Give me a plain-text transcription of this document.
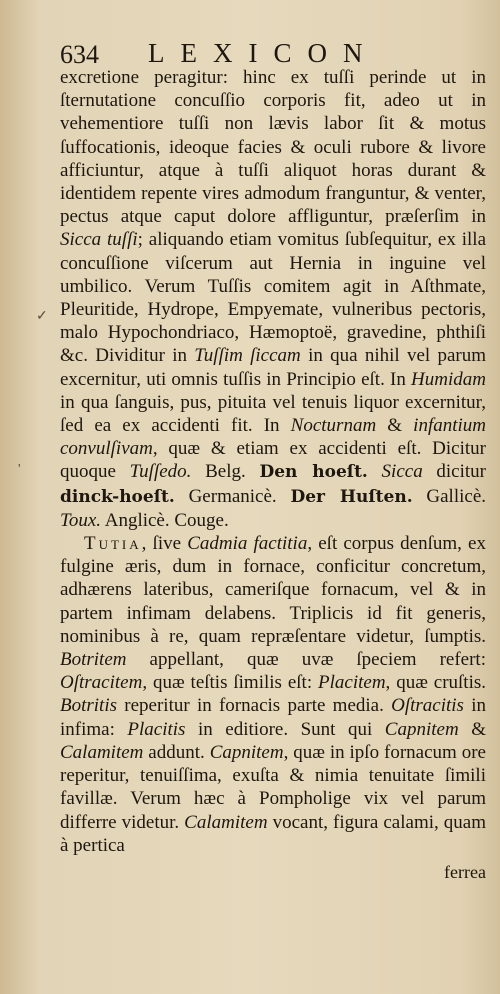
634 LEXICON

excretione peragitur: hinc ex tuſſi perinde ut in ſternutatione concuſſio corporis fit, adeo ut in vehementiore tuſſi non lævis labor ſit & motus ſuffocationis, ideoque facies & oculi rubore & livore afficiuntur, atque à tuſſi aliquot horas durant & identidem repente vires admodum franguntur, & venter, pectus atque caput dolore affliguntur, præſerſim in Sicca tuſſi; aliquando etiam vomitus ſubſequitur, ex illa concuſſione viſcerum aut Hernia in inguine vel umbilico. Verum Tuſſis comitem agit in Aſthmate, Pleuritide, Hydrope, Empyemate, vulneribus pectoris, malo Hypochondriaco, Hæmoptoë, gravedine, phthiſi &c. Dividitur in Tuſſim ſiccam in qua nihil vel parum excernitur, uti omnis tuſſis in Principio eſt. In Humidam in qua ſanguis, pus, pituita vel tenuis liquor excernitur, ſed ea ex accidenti fit. In Nocturnam & infantium convulſivam, quæ & etiam ex accidenti eſt. Dicitur quoque Tuſſedo. Belg. Den hoeſt. Sicca dicitur dinck-hoeſt. Germanicè. Der Huſten. Gallicè. Toux. Anglicè. Couge.

Tutia, ſive Cadmia factitia, eſt corpus denſum, ex fulgine æris, dum in fornace, conficitur concretum, adhærens lateribus, cameriſque fornacum, vel & in partem infimam delabens. Triplicis id fit generis, nominibus à re, quam repræſentare videtur, ſumptis. Botritem appellant, quæ uvæ ſpeciem refert: Oſtracitem, quæ teſtis ſimilis eſt: Placitem, quæ cruſtis. Botritis reperitur in fornacis parte media. Oſtracitis in infima: Placitis in editiore. Sunt qui Capnitem & Calamitem addunt. Capnitem, quæ in ipſo fornacum ore reperitur, tenuiſſima, exuſta & nimia tenuitate ſimili favillæ. Verum hæc à Pompholige vix vel parum differre videtur. Calamitem vocant, figura calami, quam à pertica

ferrea
✓
'
